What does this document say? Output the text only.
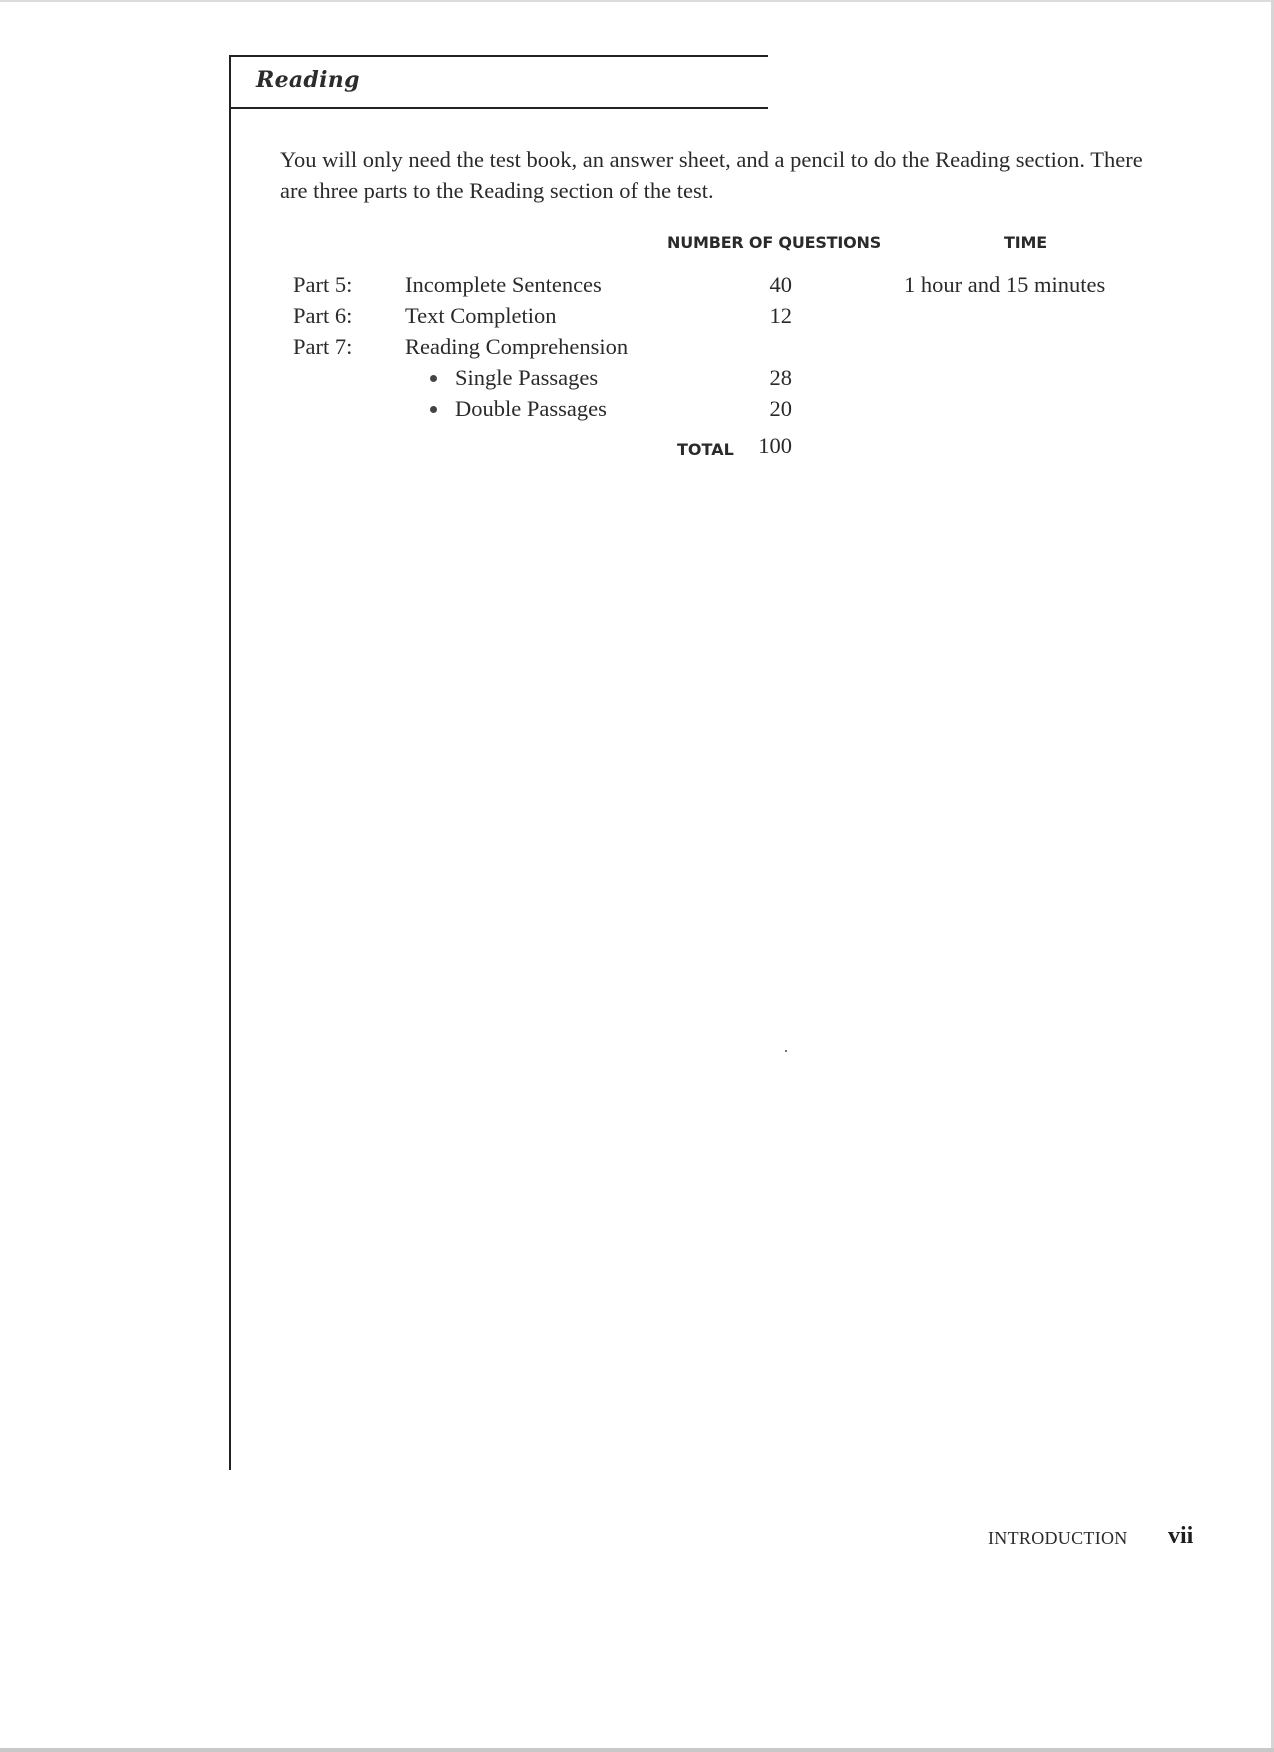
Reading

You will only need the test book, an answer sheet, and a pencil to do the Reading section. There are three parts to the Reading section of the test.

NUMBER OF QUESTIONS	TIME
Part 5: Incomplete Sentences	40	1 hour and 15 minutes
Part 6: Text Completion	12
Part 7: Reading Comprehension
Single Passages	28
Double Passages	20
TOTAL	100
INTRODUCTION vii
